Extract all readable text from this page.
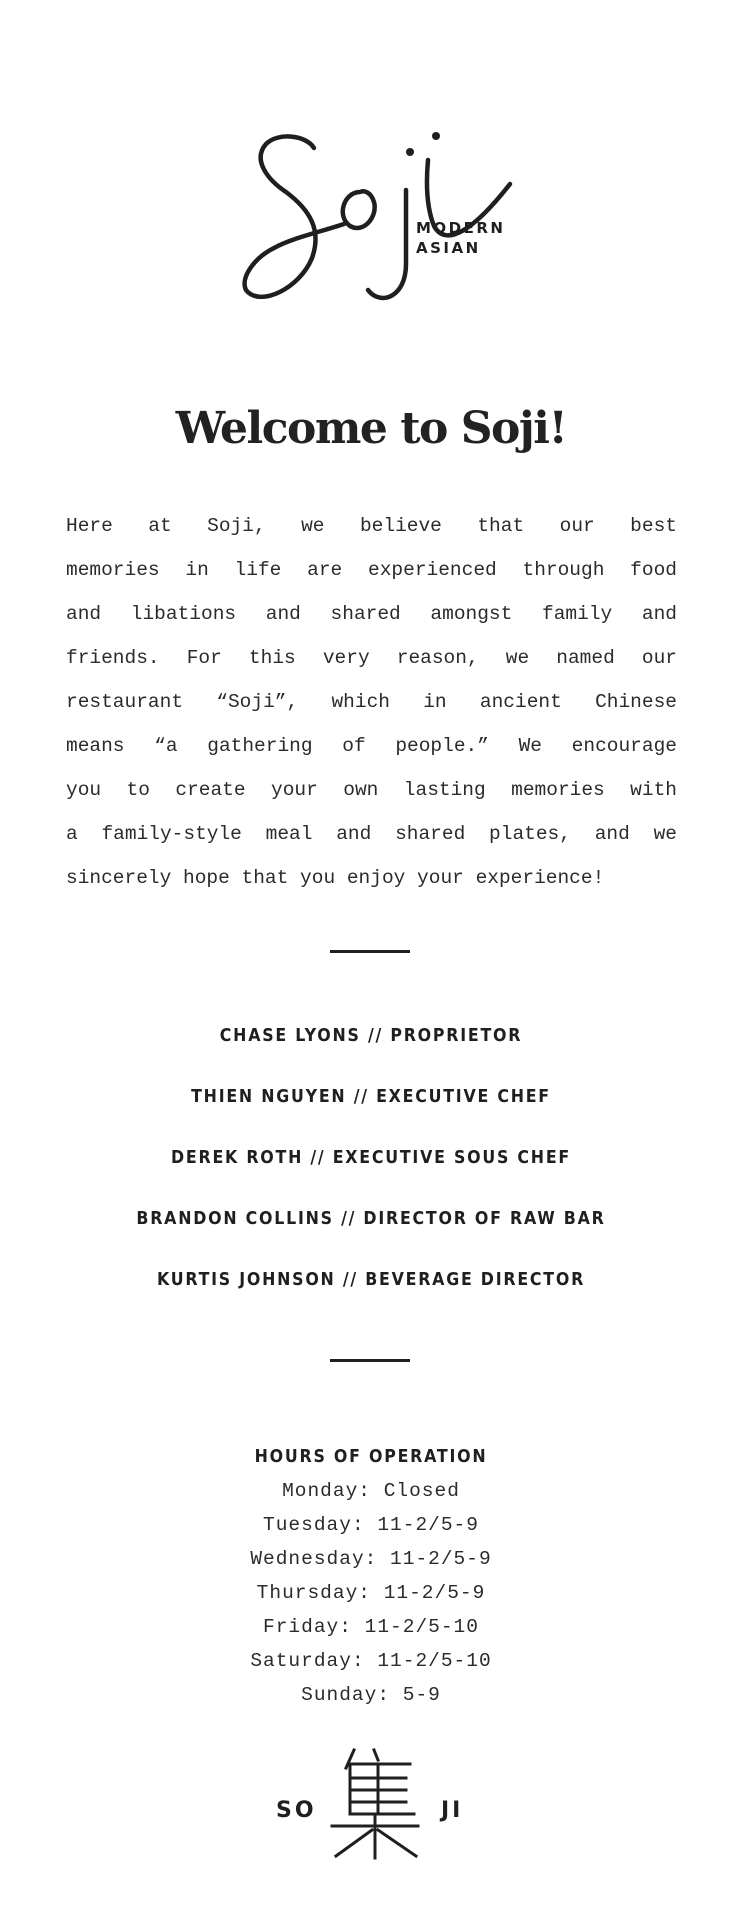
MODERN
ASIAN
Welcome to Soji!
Here at Soji, we believe that our best
memories in life are experienced through food
and libations and shared amongst family and
friends. For this very reason, we named our
restaurant “Soji”, which in ancient Chinese
means “a gathering of people.” We encourage
you to create your own lasting memories with
a family-style meal and shared plates, and we
sincerely hope that you enjoy your experience!
CHASE LYONS // PROPRIETOR
THIEN NGUYEN // EXECUTIVE CHEF
DEREK ROTH // EXECUTIVE SOUS CHEF
BRANDON COLLINS // DIRECTOR OF RAW BAR
KURTIS JOHNSON // BEVERAGE DIRECTOR
HOURS OF OPERATION
Monday: Closed
Tuesday: 11-2/5-9
Wednesday: 11-2/5-9
Thursday: 11-2/5-9
Friday: 11-2/5-10
Saturday: 11-2/5-10
Sunday: 5-9
SO	JI
